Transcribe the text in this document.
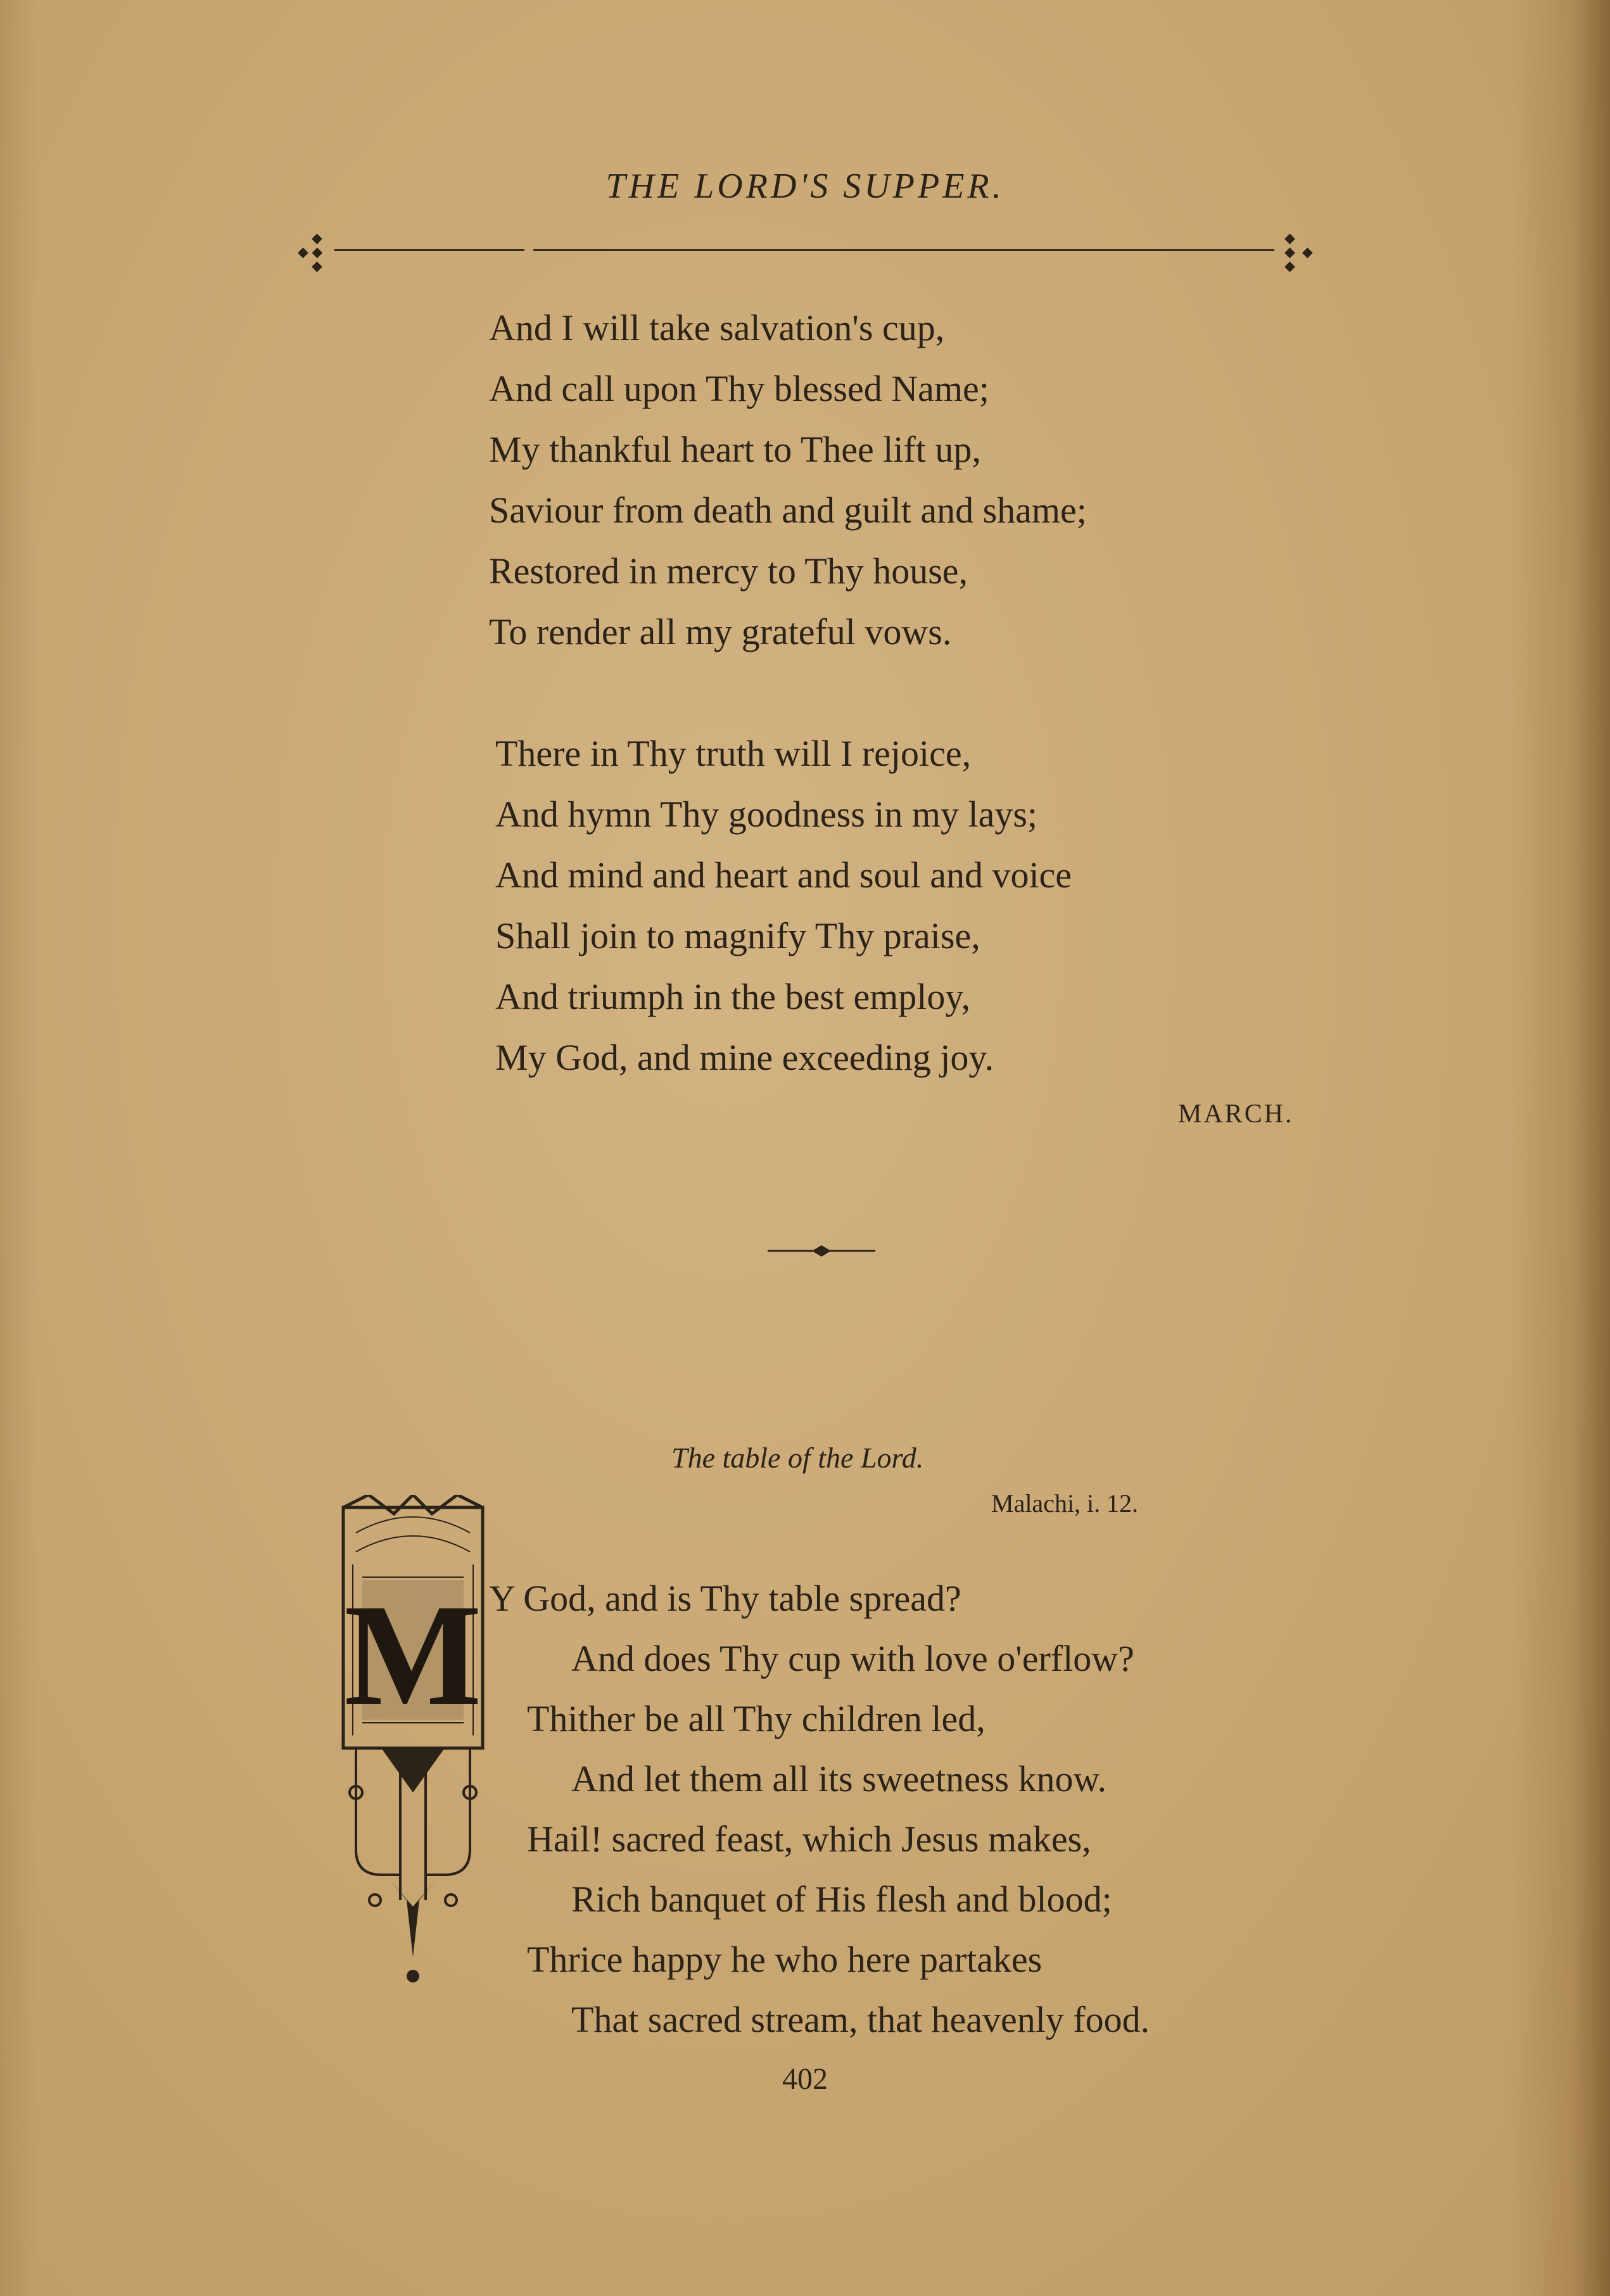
THE LORD'S SUPPER.
◆
◆ ◆
◆
◆
◆  ◆
◆
And I will take salvation's cup,
And call upon Thy blessed Name;
My thankful heart to Thee lift up,
Saviour from death and guilt and shame;
Restored in mercy to Thy house,
To render all my grateful vows.
There in Thy truth will I rejoice,
And hymn Thy goodness in my lays;
And mind and heart and soul and voice
Shall join to magnify Thy praise,
And triumph in the best employ,
My God, and mine exceeding joy.
MARCH.
The table of the Lord.
Malachi, i. 12.
M Y God, and is Thy table spread?
And does Thy cup with love o'erflow?
Thither be all Thy children led,
And let them all its sweetness know.
Hail! sacred feast, which Jesus makes,
Rich banquet of His flesh and blood;
Thrice happy he who here partakes
That sacred stream, that heavenly food.
402
